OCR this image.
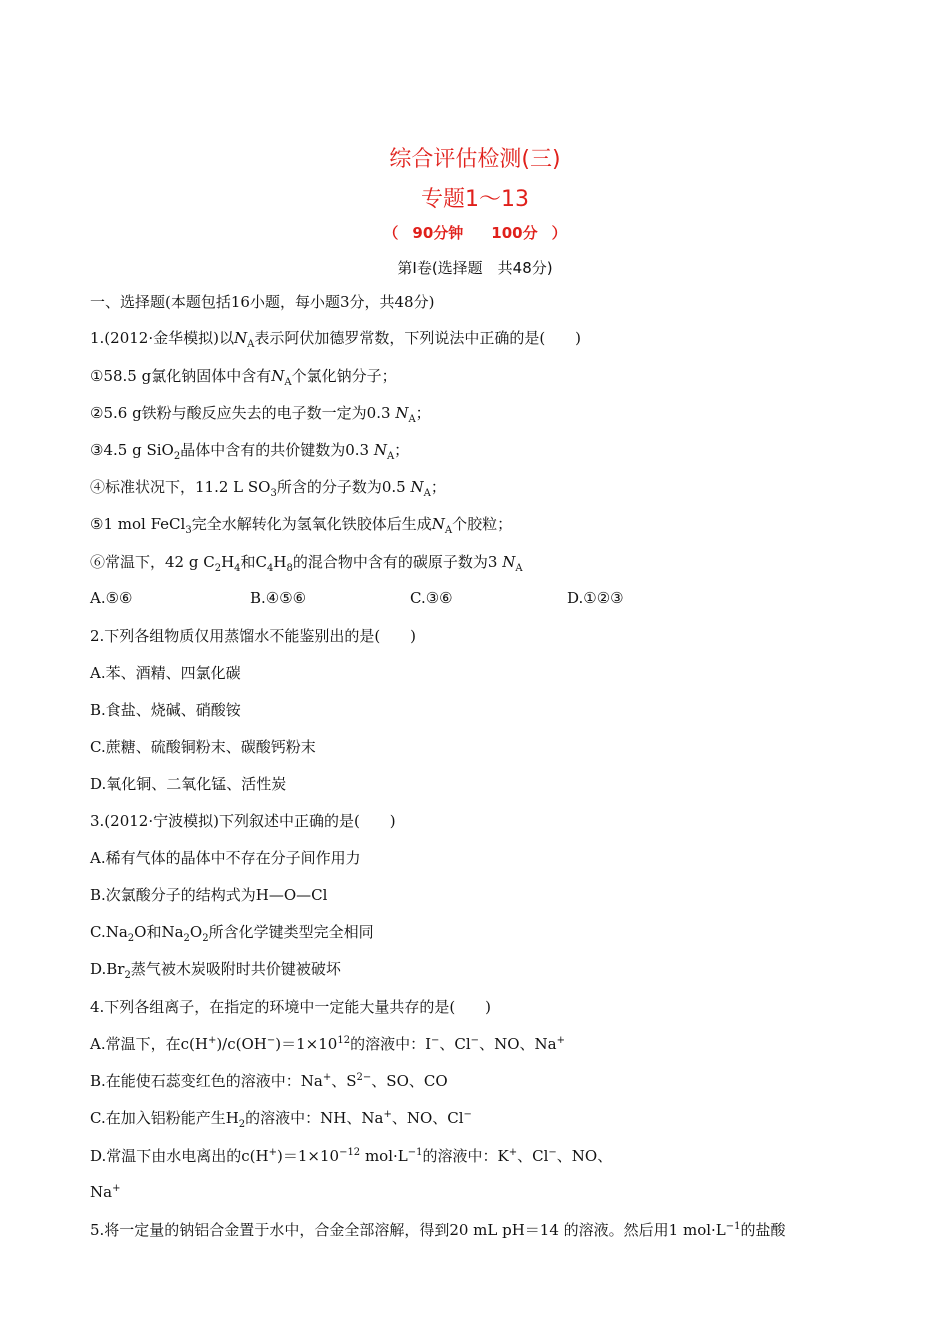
综合评估检测(三)
专题1～13
（ 90分钟 100分 ）
第Ⅰ卷(选择题　共48分)
一、选择题(本题包括16小题，每小题3分，共48分)
1.(2012·金华模拟)以$N_A$表示阿伏加德罗常数，下列说法中正确的是(　　)
①58.5 g氯化钠固体中含有$N_A$个氯化钠分子；
②5.6 g铁粉与酸反应失去的电子数一定为0.3 $N_A$；
③4.5 g SiO$_2$晶体中含有的共价键数为0.3 $N_A$；
④标准状况下，11.2 L $SO_3$所含的分子数为0.5 $N_A$；
⑤1 mol FeCl$_3$完全水解转化为氢氧化铁胶体后生成$N_A$个胶粒；
⑥常温下，42 g $C_2H_4$和$C_4H_8$的混合物中含有的碳原子数为3 $N_A$
A.⑤⑥	B.④⑤⑥	C.③⑥	D.①②③
2.下列各组物质仅用蒸馏水不能鉴别出的是(　　)
A.苯、酒精、四氯化碳
B.食盐、烧碱、硝酸铵
C.蔗糖、硫酸铜粉末、碳酸钙粉末
D.氧化铜、二氧化锰、活性炭
3.(2012·宁波模拟)下列叙述中正确的是(　　)
A.稀有气体的晶体中不存在分子间作用力
B.次氯酸分子的结构式为H—O—Cl
$C.Na_2O$和$Na_2O_2$所含化学键类型完全相同
$D.Br_2$蒸气被木炭吸附时共价键被破坏
4.下列各组离子，在指定的环境中一定能大量共存的是(　　)
A.常温下，在$c(H^+)/c(OH^-)=1\times 10^{12}$的溶液中：I−、Cl−、NO、Na+
B.在能使石蕊变红色的溶液中：Na+、$S^{2-}$、SO、CO
C.在加入铝粉能产生$H_2$的溶液中：NH、Na+、NO、Cl−
D.常温下由水电离出的$c(H^+)=1\times 10^{-12}$ $mol\cdot L^{-1}$的溶液中：K+、Cl−、NO、
Na+
5.将一定量的钠铝合金置于水中，合金全部溶解，得到20 mL pH＝14 的溶液。然后用1 $mol\cdot L^{-1}$的盐酸
